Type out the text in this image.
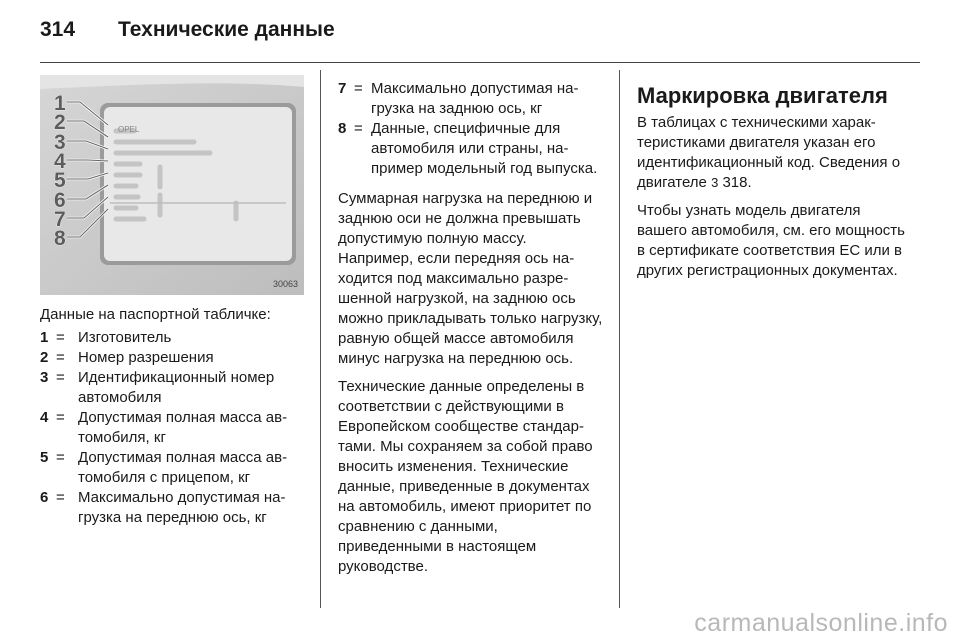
314	Технические данные
OPEL
1
2
3
4
5
6
7
8
30063

Данные на паспортной табличке:

1 = Изготовитель
2 = Номер разрешения
3 = Идентификационный номер автомобиля
4 = Допустимая полная масса автомобиля, кг
5 = Допустимая полная масса автомобиля с прицепом, кг
6 = Максимально допустимая нагрузка на переднюю ось, кг
7 = Максимально допустимая нагрузка на заднюю ось, кг
8 = Данные, специфичные для автомобиля или страны, например модельный год выпуска.

Суммарная нагрузка на переднюю и заднюю оси не должна превышать допустимую полную массу. Например, если передняя ось находится под максимально разрешенной нагрузкой, на заднюю ось можно прикладывать только нагрузку, равную общей массе автомобиля минус нагрузка на переднюю ось.

Технические данные определены в соответствии с действующими в Европейском сообществе стандартами. Мы сохраняем за собой право вносить изменения. Технические данные, приведенные в документах на автомобиль, имеют приоритет по сравнению с данными, приведенными в настоящем руководстве.

Маркировка двигателя

В таблицах с техническими характеристиками двигателя указан его идентификационный код. Сведения о двигателе 3 318.

Чтобы узнать модель двигателя вашего автомобиля, см. его мощность в сертификате соответствия ЕС или в других регистрационных документах.

carmanualsonline.info
